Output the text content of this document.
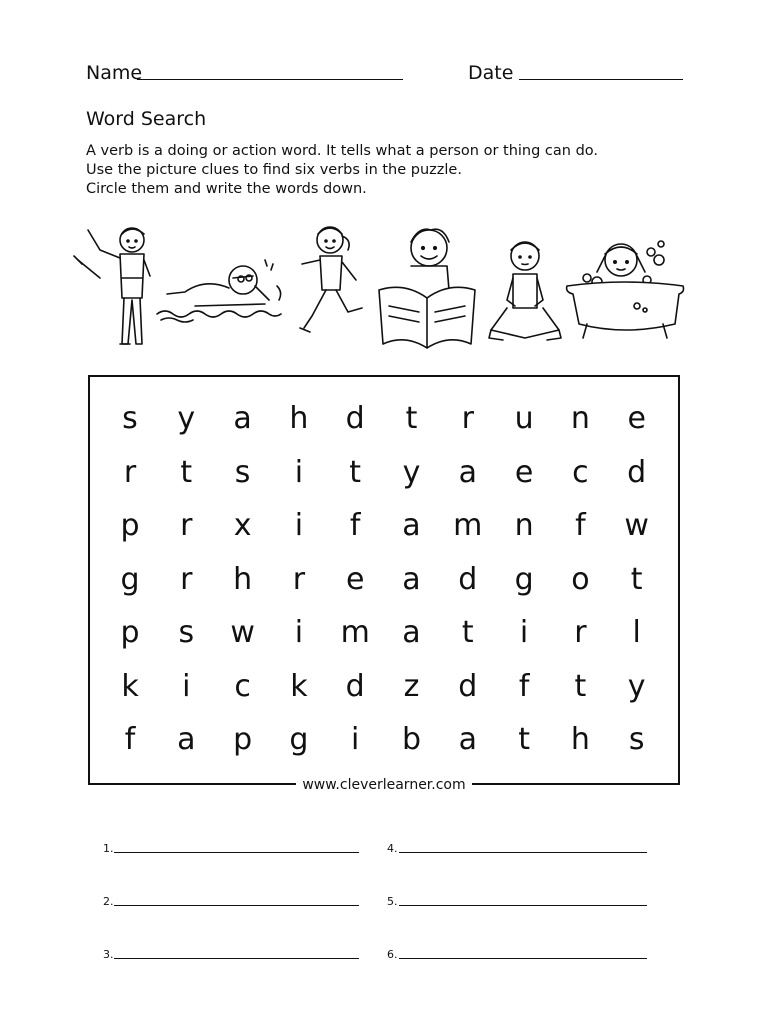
Name	Date
Word Search
A verb is a doing or action word. It tells what a person or thing can do.
Use the picture clues to find six verbs in the puzzle.
Circle them and write the words down.
s	y	a	h	d	t	r	u	n	e
r	t	s	i	t	y	a	e	c	d
p	r	x	i	f	a	m	n	f	w
g	r	h	r	e	a	d	g	o	t
p	s	w	i	m	a	t	i	r	l
k	i	c	k	d	z	d	f	t	y
f	a	p	g	i	b	a	t	h	s
www.cleverlearner.com
1.
2.
3.
4.
5.
6.
